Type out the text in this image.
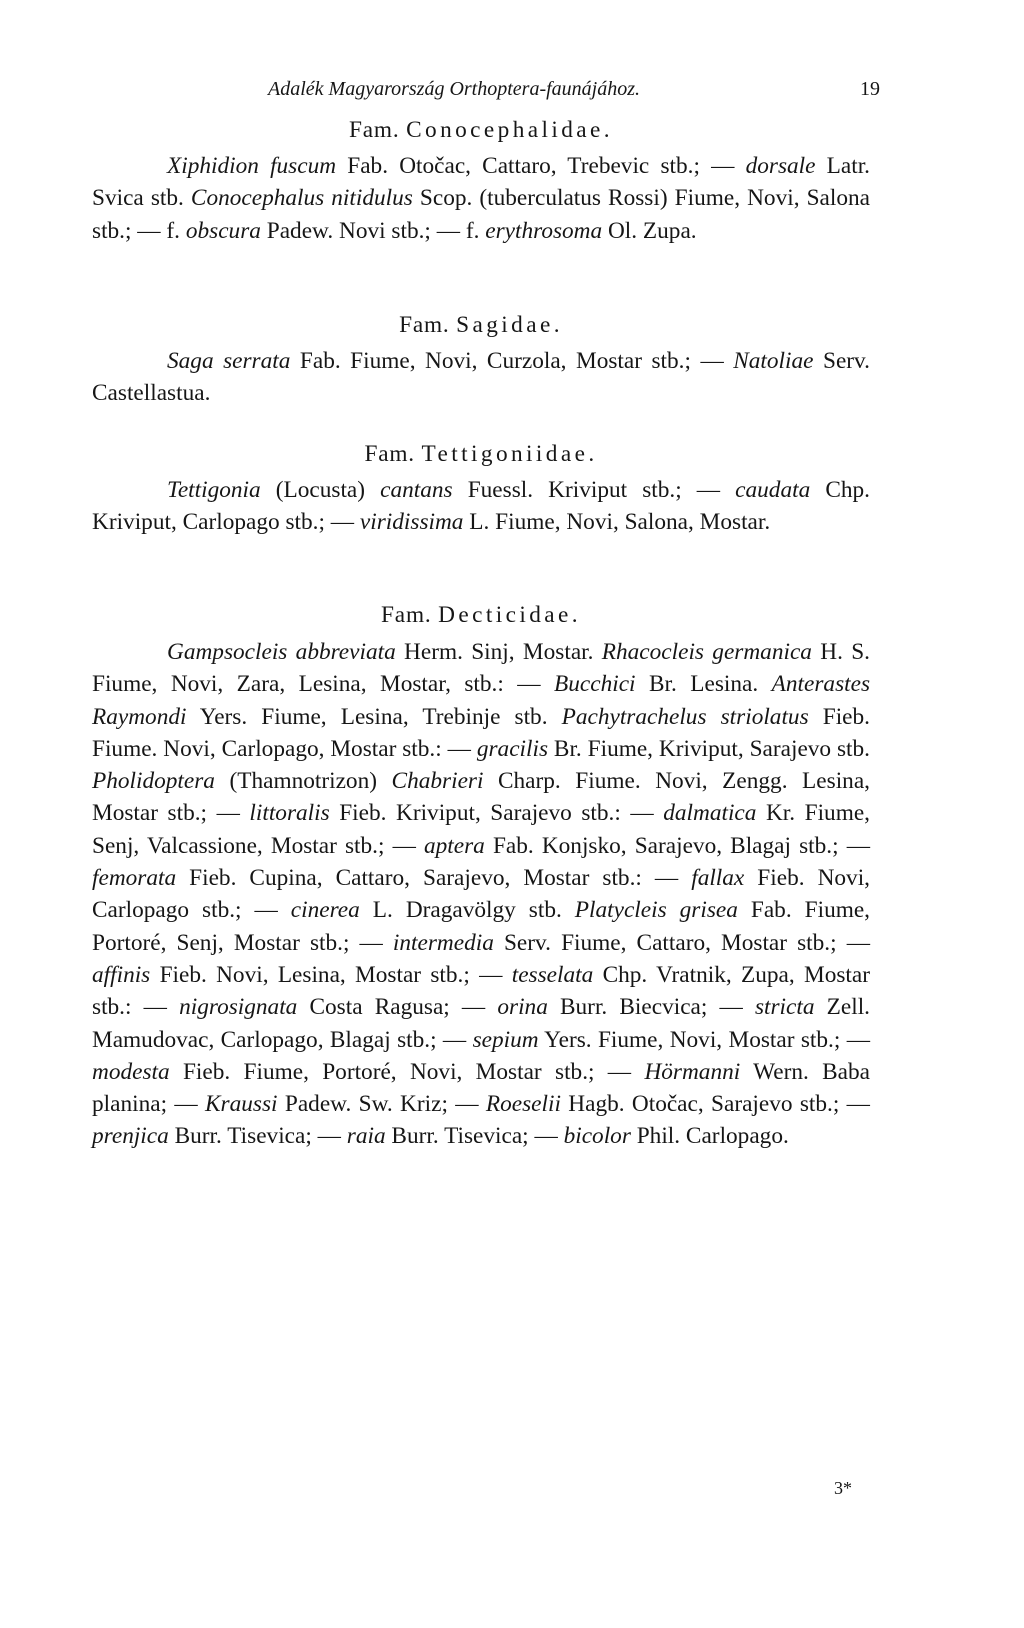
Adalék Magyarország Orthoptera-faunájához.	19
Fam. Conocephalidae.
Xiphidion fuscum Fab. Otočac, Cattaro, Trebevic stb.; — dorsale Latr. Svica stb. Conocephalus nitidulus Scop. (tuberculatus Rossi) Fiume, Novi, Salona stb.; — f. obscura Padew. Novi stb.; — f. erythrosoma Ol. Zupa.
Fam. Sagidae.
Saga serrata Fab. Fiume, Novi, Curzola, Mostar stb.; — Natoliae Serv. Castellastua.
Fam. Tettigoniidae.
Tettigonia (Locusta) cantans Fuessl. Kriviput stb.; — caudata Chp. Kriviput, Carlopago stb.; — viridissima L. Fiume, Novi, Salona, Mostar.
Fam. Decticidae.
Gampsocleis abbreviata Herm. Sinj, Mostar. Rhacocleis germanica H. S. Fiume, Novi, Zara, Lesina, Mostar, stb.: — Bucchici Br. Lesina. Anterastes Raymondi Yers. Fiume, Lesina, Trebinje stb. Pachytrachelus striolatus Fieb. Fiume. Novi, Carlopago, Mostar stb.: — gracilis Br. Fiume, Kriviput, Sarajevo stb. Pholidoptera (Thamnotrizon) Chabrieri Charp. Fiume. Novi, Zengg. Lesina, Mostar stb.; — littoralis Fieb. Kriviput, Sarajevo stb.: — dalmatica Kr. Fiume, Senj, Valcassione, Mostar stb.; — aptera Fab. Konjsko, Sarajevo, Blagaj stb.; — femorata Fieb. Cupina, Cattaro, Sarajevo, Mostar stb.: — fallax Fieb. Novi, Carlopago stb.; — cinerea L. Dragavölgy stb. Platycleis grisea Fab. Fiume, Portoré, Senj, Mostar stb.; — intermedia Serv. Fiume, Cattaro, Mostar stb.; — affinis Fieb. Novi, Lesina, Mostar stb.; — tesselata Chp. Vratnik, Zupa, Mostar stb.: — nigrosignata Costa Ragusa; — orina Burr. Biecvica; — stricta Zell. Mamudovac, Carlopago, Blagaj stb.; — sepium Yers. Fiume, Novi, Mostar stb.; — modesta Fieb. Fiume, Portoré, Novi, Mostar stb.; — Hörmanni Wern. Baba planina; — Kraussi Padew. Sw. Kriz; — Roeselii Hagb. Otočac, Sarajevo stb.; — prenjica Burr. Tisevica; — raia Burr. Tisevica; — bicolor Phil. Carlopago.
3*
